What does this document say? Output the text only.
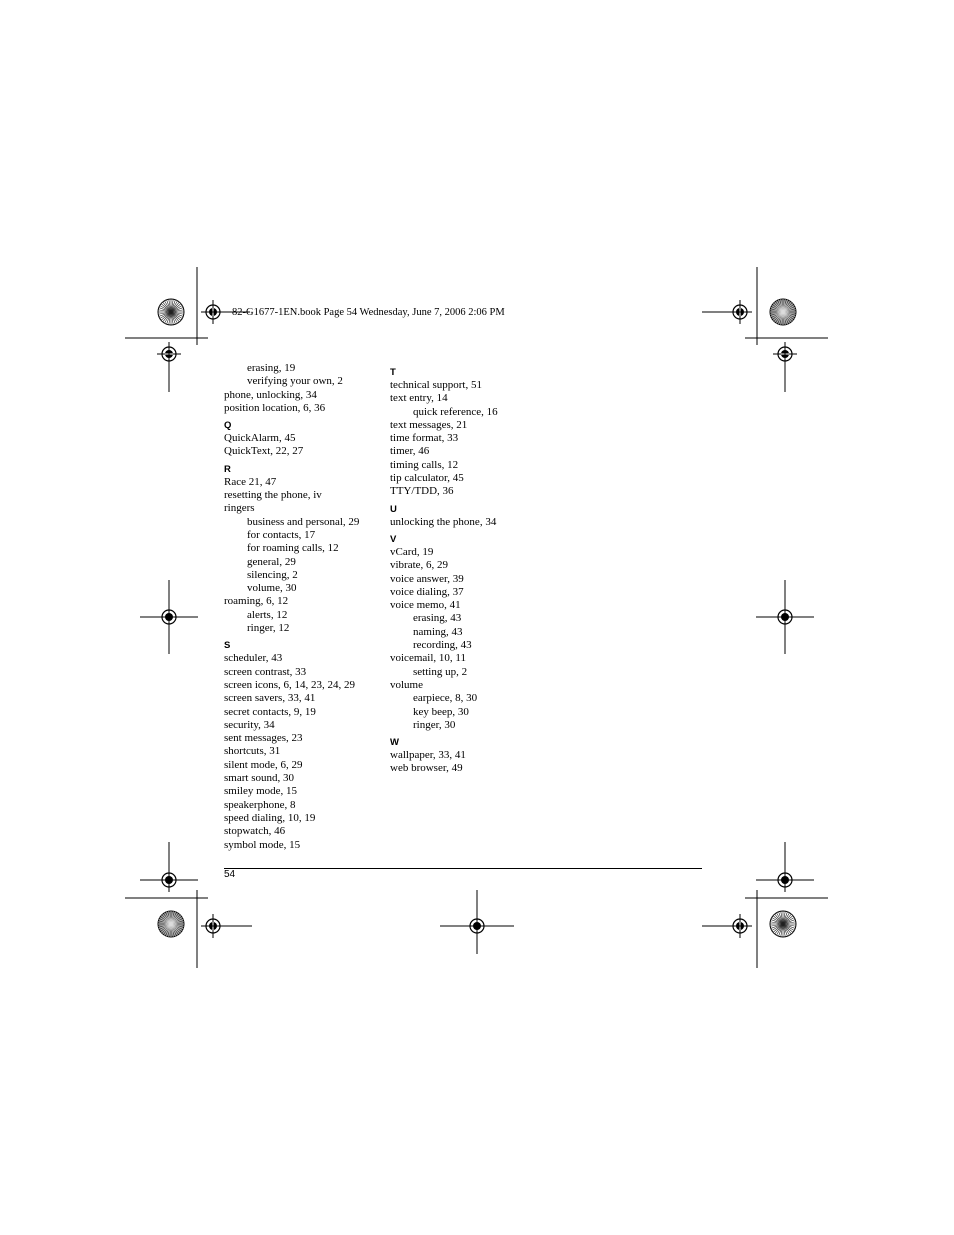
82-G1677-1EN.book Page 54 Wednesday, June 7, 2006 2:06 PM
erasing, 19
verifying your own, 2
phone, unlocking, 34
position location, 6, 36
Q
QuickAlarm, 45
QuickText, 22, 27
R
Race 21, 47
resetting the phone, iv
ringers
business and personal, 29
for contacts, 17
for roaming calls, 12
general, 29
silencing, 2
volume, 30
roaming, 6, 12
alerts, 12
ringer, 12
S
scheduler, 43
screen contrast, 33
screen icons, 6, 14, 23, 24, 29
screen savers, 33, 41
secret contacts, 9, 19
security, 34
sent messages, 23
shortcuts, 31
silent mode, 6, 29
smart sound, 30
smiley mode, 15
speakerphone, 8
speed dialing, 10, 19
stopwatch, 46
symbol mode, 15
T
technical support, 51
text entry, 14
quick reference, 16
text messages, 21
time format, 33
timer, 46
timing calls, 12
tip calculator, 45
TTY/TDD, 36
U
unlocking the phone, 34
V
vCard, 19
vibrate, 6, 29
voice answer, 39
voice dialing, 37
voice memo, 41
erasing, 43
naming, 43
recording, 43
voicemail, 10, 11
setting up, 2
volume
earpiece, 8, 30
key beep, 30
ringer, 30
W
wallpaper, 33, 41
web browser, 49
54
